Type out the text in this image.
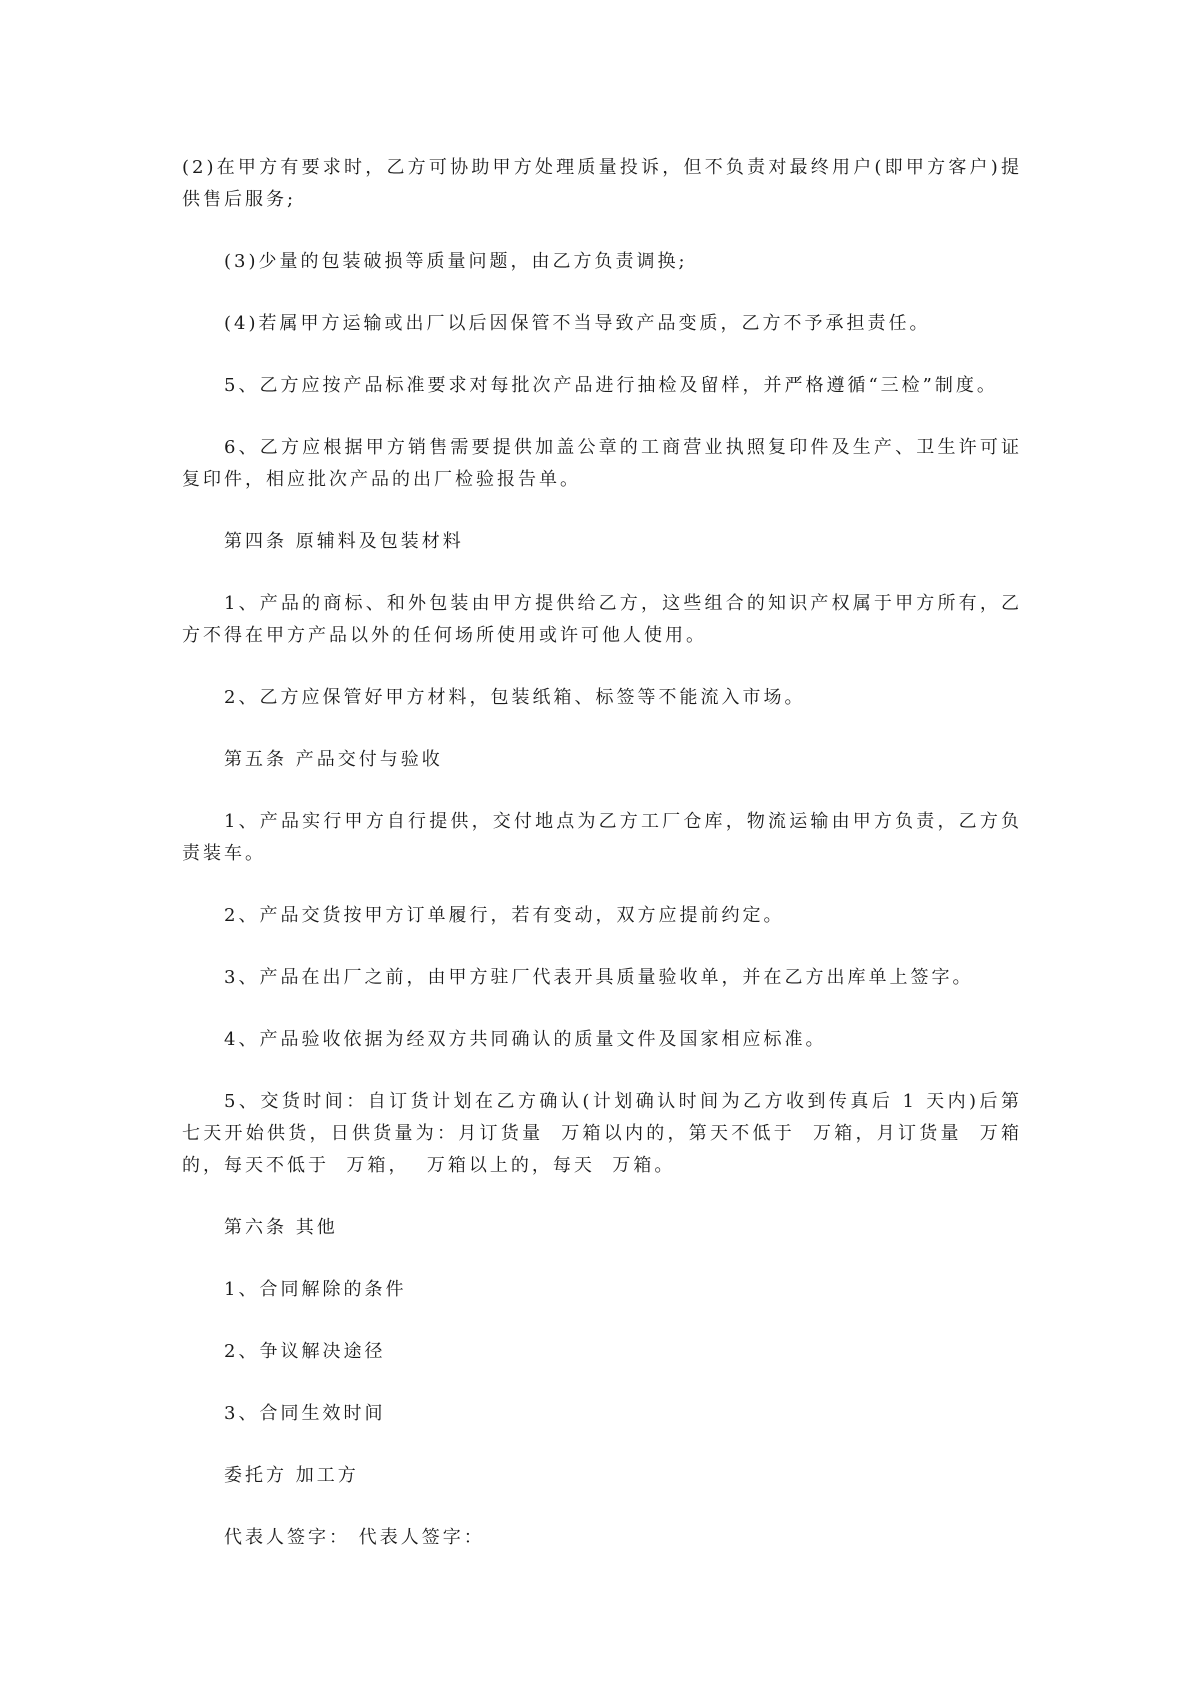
(2)在甲方有要求时，乙方可协助甲方处理质量投诉，但不负责对最终用户(即甲方客户)提供售后服务;

(3)少量的包装破损等质量问题，由乙方负责调换;

(4)若属甲方运输或出厂以后因保管不当导致产品变质，乙方不予承担责任。

5、乙方应按产品标准要求对每批次产品进行抽检及留样，并严格遵循“三检”制度。

6、乙方应根据甲方销售需要提供加盖公章的工商营业执照复印件及生产、卫生许可证复印件，相应批次产品的出厂检验报告单。

第四条 原辅料及包装材料

1、产品的商标、和外包装由甲方提供给乙方，这些组合的知识产权属于甲方所有，乙方不得在甲方产品以外的任何场所使用或许可他人使用。

2、乙方应保管好甲方材料，包装纸箱、标签等不能流入市场。

第五条 产品交付与验收

1、产品实行甲方自行提供，交付地点为乙方工厂仓库，物流运输由甲方负责，乙方负责装车。

2、产品交货按甲方订单履行，若有变动，双方应提前约定。

3、产品在出厂之前，由甲方驻厂代表开具质量验收单，并在乙方出库单上签字。

4、产品验收依据为经双方共同确认的质量文件及国家相应标准。

5、交货时间：自订货计划在乙方确认(计划确认时间为乙方收到传真后 1 天内)后第七天开始供货，日供货量为：月订货量  万箱以内的，第天不低于  万箱，月订货量  万箱的，每天不低于  万箱，  万箱以上的，每天  万箱。

第六条 其他

1、合同解除的条件

2、争议解决途径

3、合同生效时间

委托方 加工方

代表人签字： 代表人签字：
